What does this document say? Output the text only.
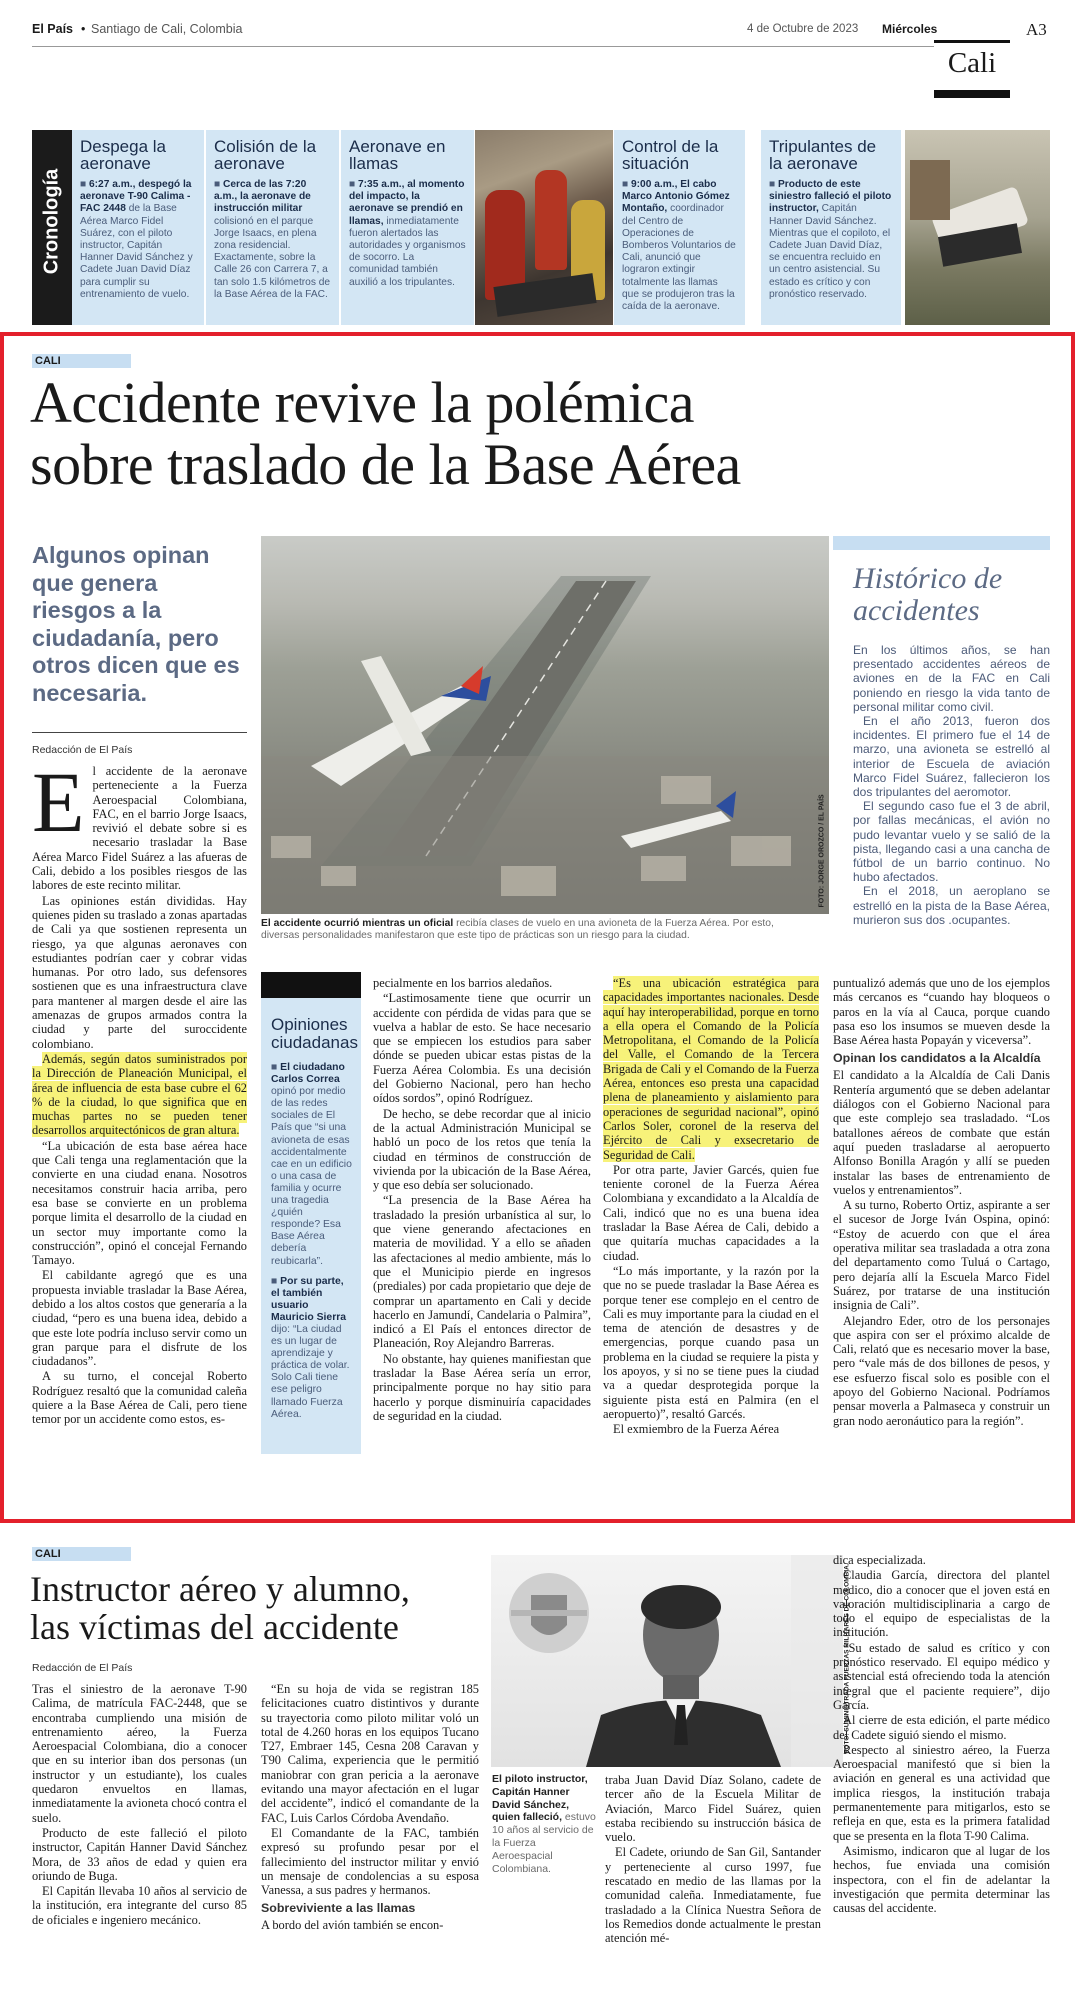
El País • Santiago de Cali, Colombia	4 de Octubre de 2023 Miércoles	A3
Cali
Cronología
Despega la aeronave
■ 6:27 a.m., despegó la aeronave T-90 Calima - FAC 2448 de la Base Aérea Marco Fidel Suárez, con el piloto instructor, Capitán Hanner David Sánchez y Cadete Juan David Díaz para cumplir su entrenamiento de vuelo.
Colisión de la aeronave
■ Cerca de las 7:20 a.m., la aeronave de instrucción militar colisionó en el parque Jorge Isaacs, en plena zona residencial. Exactamente, sobre la Calle 26 con Carrera 7, a tan solo 1.5 kilómetros de la Base Aérea de la FAC.
Aeronave en llamas
■ 7:35 a.m., al momento del impacto, la aeronave se prendió en llamas, inmediatamente fueron alertados las autoridades y organismos de socorro. La comunidad también auxilió a los tripulantes.
Control de la situación
■ 9:00 a.m., El cabo Marco Antonio Gómez Montaño, coordinador del Centro de Operaciones de Bomberos Voluntarios de Cali, anunció que lograron extingir totalmente las llamas que se produjeron tras la caída de la aeronave.
Tripulantes de la aeronave
■ Producto de este siniestro falleció el piloto instructor, Capitán Hanner David Sánchez. Mientras que el copiloto, el Cadete Juan David Díaz, se encuentra recluido en un centro asistencial. Su estado es crítico y con pronóstico reservado.
CALI
Accidente revive la polémica
sobre traslado de la Base Aérea
Algunos opinan que genera riesgos a la ciudadanía, pero otros dicen que es necesaria.
Redacción de El País
FOTO: JORGE OROZCO / EL PAÍS
El accidente ocurrió mientras un oficial recibía clases de vuelo en una avioneta de la Fuerza Aérea. Por esto, diversas personalidades manifestaron que este tipo de prácticas son un riesgo para la ciudad.
Histórico de accidentes

En los últimos años, se han presentado accidentes aéreos de aviones en de la FAC en Cali poniendo en riesgo la vida tanto de personal militar como civil.

En el año 2013, fueron dos incidentes. El primero fue el 14 de marzo, una avioneta se estrelló al interior de Escuela de aviación Marco Fidel Suárez, fallecieron los dos tripulantes del aeromotor.

El segundo caso fue el 3 de abril, por fallas mecánicas, el avión no pudo levantar vuelo y se salió de la pista, llegando casi a una cancha de fútbol de un barrio continuo. No hubo afectados.

En el 2018, un aeroplano se estrelló en la pista de la Base Aérea, murieron sus dos .ocupantes.

E l accidente de la aeronave perteneciente a la Fuerza Aeroespacial Colombiana, FAC, en el barrio Jorge Isaacs, revivió el debate sobre si es necesario trasladar la Base Aérea Marco Fidel Suárez a las afueras de Cali, debido a los posibles riesgos de las labores de este recinto militar.

Las opiniones están divididas. Hay quienes piden su traslado a zonas apartadas de Cali ya que sostienen representa un riesgo, ya que algunas aeronaves con estudiantes podrían caer y cobrar vidas humanas. Por otro lado, sus defensores sostienen que es una infraestructura clave para mantener al margen desde el aire las amenazas de grupos armados contra la ciudad y parte del suroccidente colombiano.

Además, según datos suministrados por la Dirección de Planeación Municipal, el área de influencia de esta base cubre el 62 % de la ciudad, lo que significa que en muchas partes no se pueden tener desarrollos arquitectónicos de gran altura.

“La ubicación de esta base aérea hace que Cali tenga una reglamentación que la convierte en una ciudad enana. Nosotros necesitamos construir hacia arriba, pero esa base se convierte en un problema porque limita el desarrollo de la ciudad en un sector muy importante como la construcción”, opinó el concejal Fernando Tamayo.

El cabildante agregó que es una propuesta inviable trasladar la Base Aérea, debido a los altos costos que generaría a la ciudad, “pero es una buena idea, debido a que este lote podría incluso servir como un gran parque para el disfrute de los ciudadanos”.

A su turno, el concejal Roberto Rodríguez resaltó que la comunidad caleña quiere a la Base Aérea de Cali, pero tiene temor por un accidente como estos, es-

Opiniones ciudadanas
■ El ciudadano Carlos Correa opinó por medio de las redes sociales de El País que “si una avioneta de esas accidentalmente cae en un edificio o una casa de familia y ocurre una tragedia ¿quién responde? Esa Base Aérea debería reubicarla”.
■ Por su parte, el también usuario Mauricio Sierra dijo: “La ciudad es un lugar de aprendizaje y práctica de volar. Solo Cali tiene ese peligro llamado Fuerza Aérea.

pecialmente en los barrios aledaños.

“Lastimosamente tiene que ocurrir un accidente con pérdida de vidas para que se vuelva a hablar de esto. Se hace necesario que se empiecen los estudios para saber dónde se pueden ubicar estas pistas de la Fuerza Aérea Colombia. Es una decisión del Gobierno Nacional, pero han hecho oídos sordos”, opinó Rodríguez.

De hecho, se debe recordar que al inicio de la actual Administración Municipal se habló un poco de los retos que tenía la ciudad en términos de construcción de vivienda por la ubicación de la Base Aérea, y que eso debía ser solucionado.

“La presencia de la Base Aérea ha trasladado la presión urbanística al sur, lo que viene generando afectaciones en materia de movilidad. Y a ello se añaden las afectaciones al medio ambiente, más lo que el Municipio pierde en ingresos (prediales) por cada propietario que deje de comprar un apartamento en Cali y decide hacerlo en Jamundí, Candelaria o Palmira”, indicó a El País el entonces director de Planeación, Roy Alejandro Barreras.

No obstante, hay quienes manifiestan que trasladar la Base Aérea sería un error, principalmente porque no hay sitio para hacerlo y porque disminuiría capacidades de seguridad en la ciudad.

“Es una ubicación estratégica para capacidades importantes nacionales. Desde aquí hay interoperabilidad, porque en torno a ella opera el Comando de la Policía Metropolitana, el Comando de la Policía del Valle, el Comando de la Tercera Brigada de Cali y el Comando de la Fuerza Aérea, entonces eso presta una capacidad plena de planeamiento y aislamiento para operaciones de seguridad nacional”, opinó Carlos Soler, coronel de la reserva del Ejército de Cali y exsecretario de Seguridad de Cali.

Por otra parte, Javier Garcés, quien fue teniente coronel de la Fuerza Aérea Colombiana y excandidato a la Alcaldía de Cali, indicó que no es una buena idea trasladar la Base Aérea de Cali, debido a que quitaría muchas capacidades a la ciudad.

“Lo más importante, y la razón por la que no se puede trasladar la Base Aérea es porque tener ese complejo en el centro de Cali es muy importante para la ciudad en el tema de atención de desastres y de emergencias, porque cuando pasa un problema en la ciudad se requiere la pista y los apoyos, y si no se tiene pues la ciudad va a quedar desprotegida porque la siguiente pista está en Palmira (en el aeropuerto)”, resaltó Garcés.

El exmiembro de la Fuerza Aérea

puntualizó además que uno de los ejemplos más cercanos es “cuando hay bloqueos o paros en la vía al Cauca, porque cuando pasa eso los insumos se mueven desde la Base Aérea hasta Popayán y viceversa”.

Opinan los candidatos a la Alcaldía

El candidato a la Alcaldía de Cali Danis Rentería argumentó que se deben adelantar diálogos con el Gobierno Nacional para que este complejo sea trasladado. “Los batallones aéreos de combate que están aquí pueden trasladarse al aeropuerto Alfonso Bonilla Aragón y allí se pueden instalar las bases de entrenamiento de vuelos y entrenamientos”.

A su turno, Roberto Ortiz, aspirante a ser el sucesor de Jorge Iván Ospina, opinó: “Estoy de acuerdo con que el área operativa militar sea trasladada a otra zona del departamento como Tuluá o Cartago, pero dejaría allí la Escuela Marco Fidel Suárez, por tratarse de una institución insignia de Cali”.

Alejandro Eder, otro de los personajes que aspira con ser el próximo alcalde de Cali, relató que es necesario mover la base, pero “vale más de dos billones de pesos, y ese esfuerzo fiscal solo es posible con el apoyo del Gobierno Nacional. Podríamos pensar moverla a Palmaseca y construir un gran nodo aeronáutico para la región”.

CALI
Instructor aéreo y alumno,
las víctimas del accidente
Redacción de El País

Tras el siniestro de la aeronave T-90 Calima, de matrícula FAC-2448, que se encontraba cumpliendo una misión de entrenamiento aéreo, la Fuerza Aeroespacial Colombiana, dio a conocer que en su interior iban dos personas (un instructor y un estudiante), los cuales quedaron envueltos en llamas, inmediatamente la avioneta chocó contra el suelo.

Producto de este falleció el piloto instructor, Capitán Hanner David Sánchez Mora, de 33 años de edad y quien era oriundo de Buga.

El Capitán llevaba 10 años al servicio de la institución, era integrante del curso 85 de oficiales e ingeniero mecánico.

“En su hoja de vida se registran 185 felicitaciones cuatro distintivos y durante su trayectoria como piloto militar voló un total de 4.260 horas en los equipos Tucano T27, Embraer 145, Cesna 208 Caravan y T90 Calima, experiencia que le permitió maniobrar con gran pericia a la aeronave evitando una mayor afectación en el lugar del accidente”, indicó el comandante de la FAC, Luis Carlos Córdoba Avendaño.

El Comandante de la FAC, también expresó su profundo pesar por el fallecimiento del instructor militar y envió un mensaje de condolencias a su esposa Vanessa, a sus padres y hermanos.

Sobreviviente a las llamas

A bordo del avión también se encon-

FOTO: SUMINISTRADA FUERZAS MILITARES DE COLOMBIA.
El piloto instructor, Capitán Hanner David Sánchez, quien falleció, estuvo 10 años al servicio de la Fuerza Aeroespacial Colombiana.

traba Juan David Díaz Solano, cadete de tercer año de la Escuela Militar de Aviación, Marco Fidel Suárez, quien estaba recibiendo su instrucción básica de vuelo.

El Cadete, oriundo de San Gil, Santander y perteneciente al curso 1997, fue rescatado en medio de las llamas por la comunidad caleña. Inmediatamente, fue trasladado a la Clínica Nuestra Señora de los Remedios donde actualmente le prestan atención mé-

dica especializada.

Claudia García, directora del plantel médico, dio a conocer que el joven está en valoración multidisciplinaria a cargo de todo el equipo de especialistas de la institución.

“Su estado de salud es crítico y con pronóstico reservado. El equipo médico y asistencial está ofreciendo toda la atención integral que el paciente requiere”, dijo García.

Al cierre de esta edición, el parte médico del Cadete siguió siendo el mismo.

Respecto al siniestro aéreo, la Fuerza Aeroespacial manifestó que si bien la aviación en general es una actividad que implica riesgos, la institución trabaja permanentemente para mitigarlos, esto se refleja en que, esta es la primera fatalidad que se presenta en la flota T-90 Calima.

Asimismo, indicaron que al lugar de los hechos, fue enviada una comisión inspectora, con el fin de adelantar la investigación que permita determinar las causas del accidente.
